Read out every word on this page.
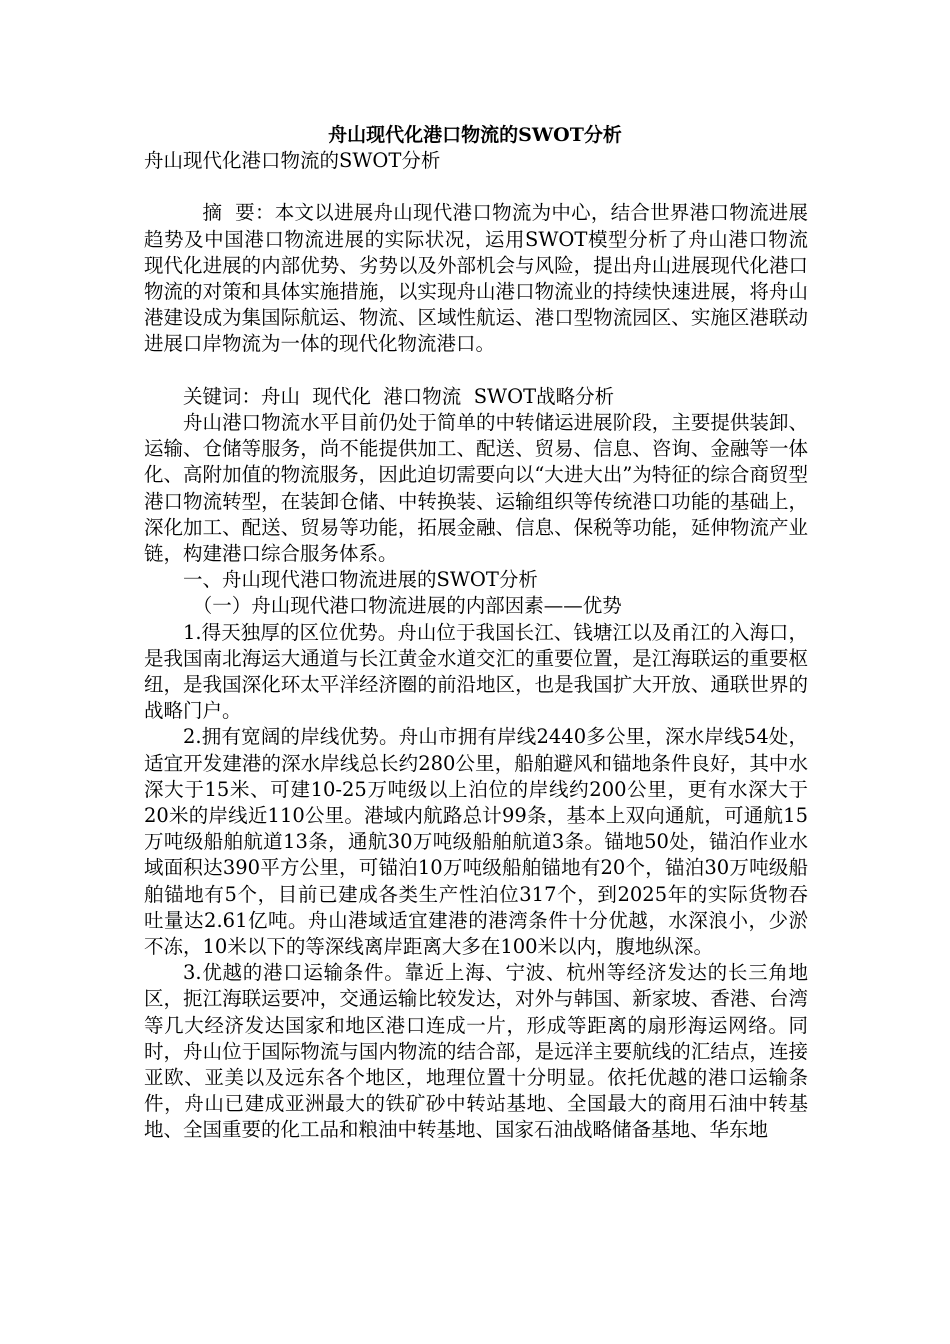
舟山现代化港口物流的SWOT分析

舟山现代化港口物流的SWOT分析

摘  要：本文以进展舟山现代港口物流为中心，结合世界港口物流进展趋势及中国港口物流进展的实际状况，运用SWOT模型分析了舟山港口物流现代化进展的内部优势、劣势以及外部机会与风险，提出舟山进展现代化港口物流的对策和具体实施措施，以实现舟山港口物流业的持续快速进展，将舟山港建设成为集国际航运、物流、区域性航运、港口型物流园区、实施区港联动进展口岸物流为一体的现代化物流港口。

关键词：舟山  现代化  港口物流  SWOT战略分析

舟山港口物流水平目前仍处于简单的中转储运进展阶段，主要提供装卸、运输、仓储等服务，尚不能提供加工、配送、贸易、信息、咨询、金融等一体化、高附加值的物流服务，因此迫切需要向以“大进大出”为特征的综合商贸型港口物流转型，在装卸仓储、中转换装、运输组织等传统港口功能的基础上，深化加工、配送、贸易等功能，拓展金融、信息、保税等功能，延伸物流产业链，构建港口综合服务体系。

一、舟山现代港口物流进展的SWOT分析

（一）舟山现代港口物流进展的内部因素——优势

1.得天独厚的区位优势。舟山位于我国长江、钱塘江以及甬江的入海口，是我国南北海运大通道与长江黄金水道交汇的重要位置，是江海联运的重要枢纽，是我国深化环太平洋经济圈的前沿地区，也是我国扩大开放、通联世界的战略门户。

2.拥有宽阔的岸线优势。舟山市拥有岸线2440多公里，深水岸线54处，适宜开发建港的深水岸线总长约280公里，船舶避风和锚地条件良好，其中水深大于15米、可建10-25万吨级以上泊位的岸线约200公里，更有水深大于20米的岸线近110公里。港域内航路总计99条，基本上双向通航，可通航15万吨级船舶航道13条，通航30万吨级船舶航道3条。锚地50处，锚泊作业水域面积达390平方公里，可锚泊10万吨级船舶锚地有20个，锚泊30万吨级船舶锚地有5个，目前已建成各类生产性泊位317个，到2025年的实际货物吞吐量达2.61亿吨。舟山港域适宜建港的港湾条件十分优越，水深浪小，少淤不冻，10米以下的等深线离岸距离大多在100米以内，腹地纵深。

3.优越的港口运输条件。靠近上海、宁波、杭州等经济发达的长三角地区，扼江海联运要冲，交通运输比较发达，对外与韩国、新家坡、香港、台湾等几大经济发达国家和地区港口连成一片，形成等距离的扇形海运网络。同时，舟山位于国际物流与国内物流的结合部，是远洋主要航线的汇结点，连接亚欧、亚美以及远东各个地区，地理位置十分明显。依托优越的港口运输条件，舟山已建成亚洲最大的铁矿砂中转站基地、全国最大的商用石油中转基地、全国重要的化工品和粮油中转基地、国家石油战略储备基地、华东地
